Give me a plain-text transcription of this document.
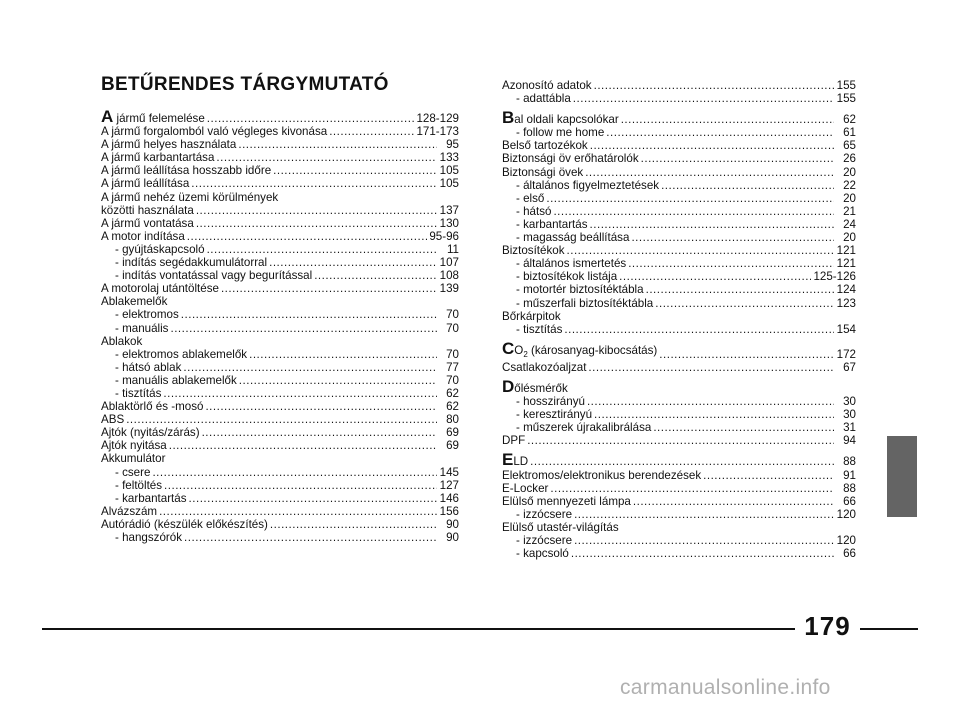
BETŰRENDES TÁRGYMUTATÓ
A jármű felemelése .....	128-129
A jármű forgalomból való végleges kivonása .....	171-173
A jármű helyes használata .....	95
A jármű karbantartása .....	133
A jármű leállítása hosszabb időre .....	105
A jármű leállítása .....	105
A jármű nehéz üzemi körülmények
közötti használata .....	137
A jármű vontatása .....	130
A motor indítása .....	95-96
- gyújtáskapcsoló .....	11
- indítás segédakkumulátorral .....	107
- indítás vontatással vagy begurítással .....	108
A motorolaj utántöltése .....	139
Ablakemelők
- elektromos .....	70
- manuális .....	70
Ablakok
- elektromos ablakemelők .....	70
- hátsó ablak .....	77
- manuális ablakemelők .....	70
- tisztítás .....	62
Ablaktörlő és -mosó .....	62
ABS .....	80
Ajtók (nyitás/zárás) .....	69
Ajtók nyitása .....	69
Akkumulátor
- csere .....	145
- feltöltés .....	127
- karbantartás .....	146
Alvázszám .....	156
Autórádió (készülék előkészítés) .....	90
- hangszórók .....	90
Azonosító adatok .....	155
- adattábla .....	155
Bal oldali kapcsolókar .....	62
- follow me home .....	61
Belső tartozékok .....	65
Biztonsági öv erőhatárolók .....	26
Biztonsági övek .....	20
- általános figyelmeztetések .....	22
- első .....	20
- hátsó .....	21
- karbantartás .....	24
- magasság beállítása .....	20
Biztosítékok .....	121
- általános ismertetés .....	121
- biztosítékok listája .....	125-126
- motortér biztosítéktábla .....	124
- műszerfali biztosítéktábla .....	123
Bőrkárpitok
- tisztítás .....	154
$CO_2$ (károsanyag-kibocsátás) .....	172
Csatlakozóaljzat .....	67
Dőlésmérők
- hosszirányú .....	30
- keresztirányú .....	30
- műszerek újrakalibrálása .....	31
DPF .....	94
ELD .....	88
Elektromos/elektronikus berendezések .....	91
E-Locker .....	88
Elülső mennyezeti lámpa .....	66
- izzócsere .....	120
Elülső utastér-világítás
- izzócsere .....	120
- kapcsoló .....	66
179
carmanualsonline.info
